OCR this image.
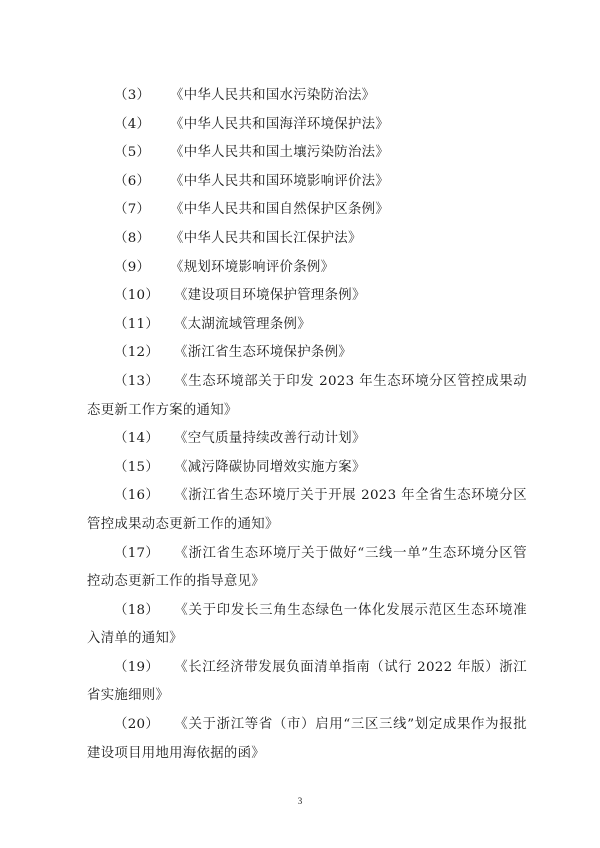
（3） 《中华人民共和国水污染防治法》
（4） 《中华人民共和国海洋环境保护法》
（5） 《中华人民共和国土壤污染防治法》
（6） 《中华人民共和国环境影响评价法》
（7） 《中华人民共和国自然保护区条例》
（8） 《中华人民共和国长江保护法》
（9） 《规划环境影响评价条例》
（10） 《建设项目环境保护管理条例》
（11） 《太湖流域管理条例》
（12） 《浙江省生态环境保护条例》
（13） 《生态环境部关于印发 2023 年生态环境分区管控成果动态更新工作方案的通知》
（14） 《空气质量持续改善行动计划》
（15） 《减污降碳协同增效实施方案》
（16） 《浙江省生态环境厅关于开展 2023 年全省生态环境分区管控成果动态更新工作的通知》
（17） 《浙江省生态环境厅关于做好“三线一单”生态环境分区管控动态更新工作的指导意见》
（18） 《关于印发长三角生态绿色一体化发展示范区生态环境准入清单的通知》
（19） 《长江经济带发展负面清单指南（试行 2022 年版）浙江省实施细则》
（20） 《关于浙江等省（市）启用“三区三线”划定成果作为报批建设项目用地用海依据的函》
3
